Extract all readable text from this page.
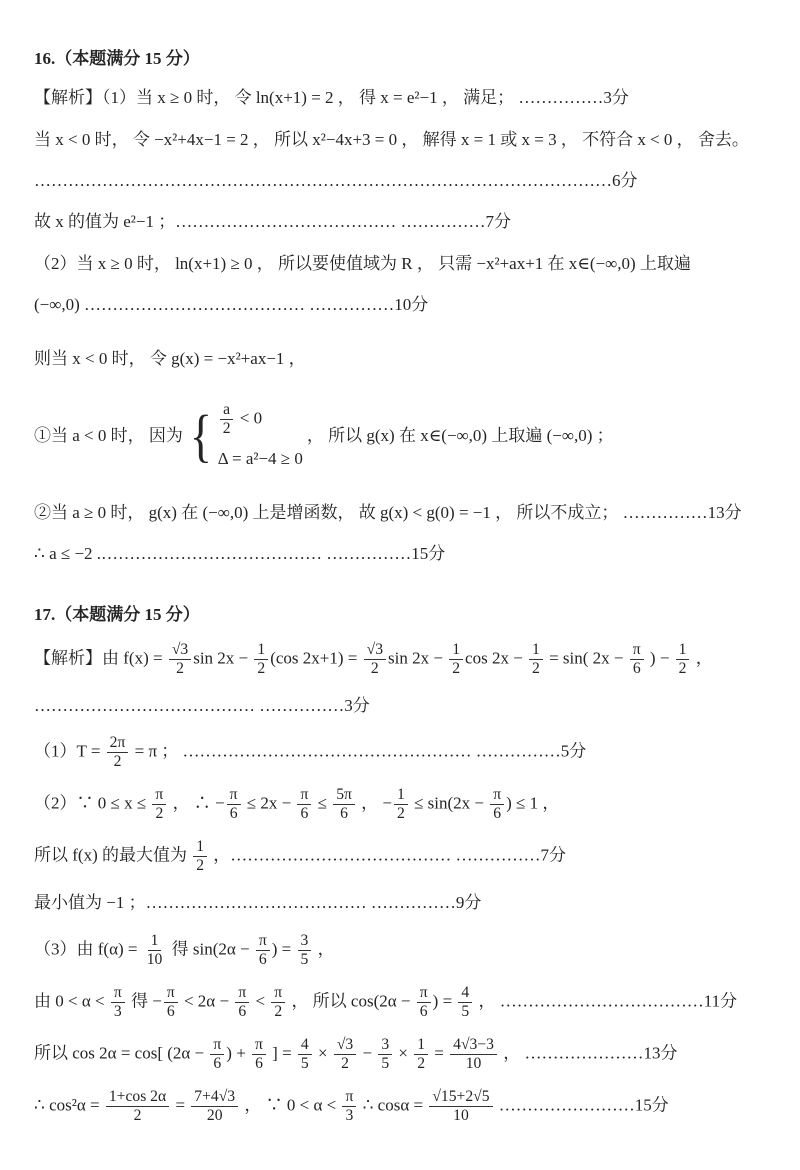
16.（本题满分 15 分）
【解析】（1）当 x ≥ 0 时， 令 ln(x+1) = 2 ， 得 x = e²−1 ， 满足； ……………3分
当 x < 0 时， 令 −x²+4x−1 = 2 ， 所以 x²−4x+3 = 0 ， 解得 x = 1 或 x = 3 ， 不符合 x < 0 ， 舍去。
…………………………………………………………………………………………6分
故 x 的值为 e²−1 ；………………………………… ……………7分
（2）当 x ≥ 0 时， ln(x+1) ≥ 0 ， 所以要使值域为 R ， 只需 −x²+ax+1 在 x∈(−∞,0) 上取遍
(−∞,0) ………………………………… ……………10分
则当 x < 0 时， 令 g(x) = −x²+ax−1 ，
①当 a < 0 时， 因为 { $\frac{a}{2} < 0$
Δ = a²−4 ≥ 0
， 所以 g(x) 在 x∈(−∞,0) 上取遍 (−∞,0) ；
②当 a ≥ 0 时， g(x) 在 (−∞,0) 上是增函数， 故 g(x) < g(0) = −1 ， 所以不成立； ……………13分
∴ a ≤ −2 .………………………………… ……………15分
17.（本题满分 15 分）
【解析】由 $f(x) = \frac{√3}{2}$ $\sin 2x - \frac{1}{2} (\cos$ $2x+1) = \frac{√3}{2}$ $\sin 2x - \frac{1}{2}$ $\cos 2x - \frac{1}{2} = \sin$( $2x - \frac{\pi}{6}$ ) − $\frac{1}{2}$ ，
………………………………… ……………3分
$(1)T = \frac{2\pi}{2} = \pi$ ； …………………………………………… ……………5分
（2）∵ $0 \le x \le \frac{\pi}{2}$ ， ∴ − $\frac{\pi}{6} \le 2x - \frac{\pi}{6} \le \frac{5\pi}{6}$ ， − $\frac{1}{2} \le \sin(2x - \frac{\pi}{6}$ ) ≤ 1 ，
所以 f(x) 的最大值为 $\frac{1}{2}$ ，………………………………… ……………7分
最小值为 −1 ；………………………………… ……………9分
（3）由 $f(\alpha) = \frac{1}{10}$ 得 $\sin(2\alpha - \frac{\pi}{6}$ ) = $\frac{3}{5}$ ，
由 $0 < \alpha < \frac{\pi}{3}$ 得 − $\frac{\pi}{6} < 2\alpha - \frac{\pi}{6} < \frac{\pi}{2}$ ， 所以 $\cos(2\alpha - \frac{\pi}{6}$ ) = $\frac{4}{5}$ ， ………………………………11分
所以 cos 2α = cos[ ($2\alpha - \frac{\pi}{6}$ ) + $\frac{\pi}{6}$ ] = $\frac{4}{5} \times \frac{√3}{2} - \frac{3}{5} \times \frac{1}{2} = \frac{4√3-3}{10}$ ， …………………13分
∴ $\cos^2\alpha = \frac{1+\cos 2\alpha}{2} = \frac{7+4√3}{20}$ ， ∵ $0 < \alpha < \frac{\pi}{3}$ ∴ $\cos\alpha = \frac{√15+2√5}{10}$ ……………………15分
